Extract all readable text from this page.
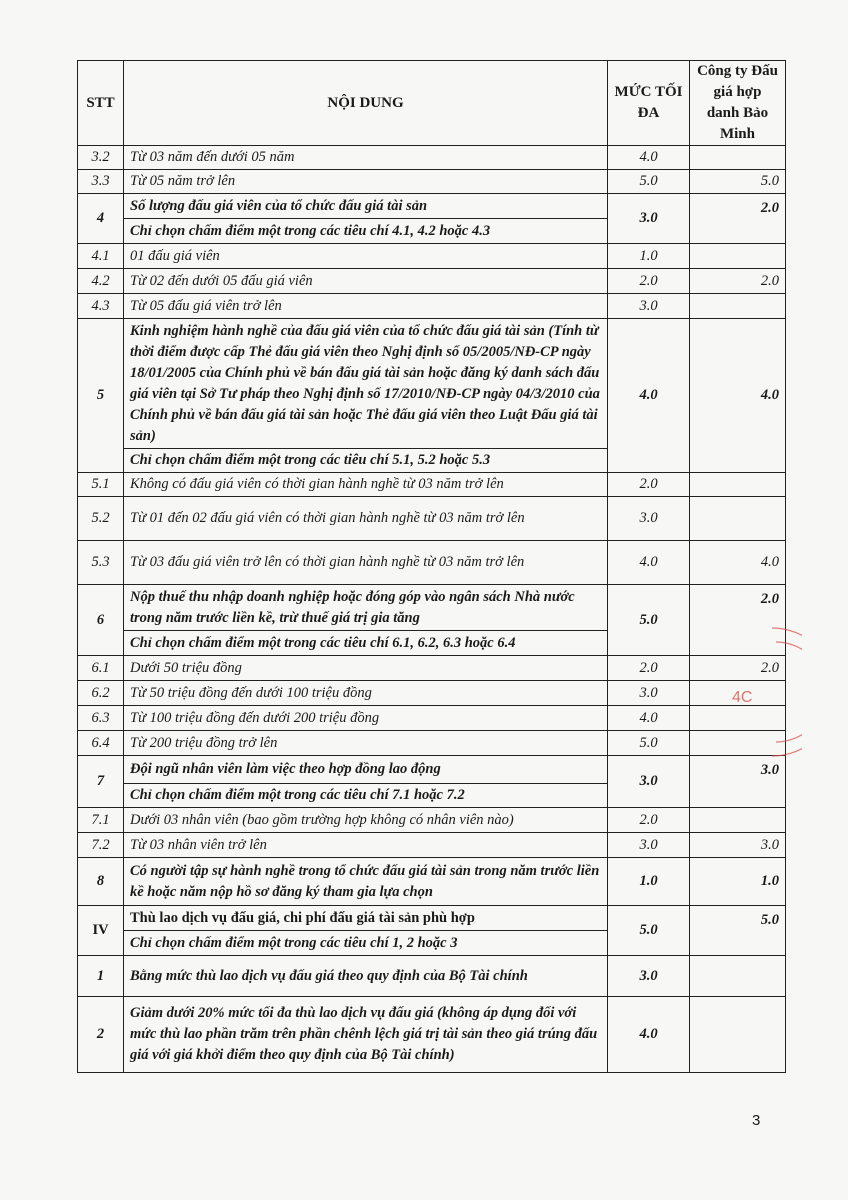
STT	NỘI DUNG	MỨC TỐI ĐA	Công ty Đấu giá hợp danh Bảo Minh
3.2	Từ 03 năm đến dưới 05 năm	4.0	
3.3	Từ 05 năm trở lên	5.0	5.0
4	Số lượng đấu giá viên của tổ chức đấu giá tài sản	3.0	2.0
	Chỉ chọn chấm điểm một trong các tiêu chí 4.1, 4.2 hoặc 4.3		
4.1	01 đấu giá viên	1.0	
4.2	Từ 02 đến dưới 05 đấu giá viên	2.0	2.0
4.3	Từ 05 đấu giá viên trở lên	3.0	
5	Kinh nghiệm hành nghề của đấu giá viên của tổ chức đấu giá tài sản (Tính từ thời điểm được cấp Thẻ đấu giá viên theo Nghị định số 05/2005/NĐ-CP ngày 18/01/2005 của Chính phủ về bán đấu giá tài sản hoặc đăng ký danh sách đấu giá viên tại Sở Tư pháp theo Nghị định số 17/2010/NĐ-CP ngày 04/3/2010 của Chính phủ về bán đấu giá tài sản hoặc Thẻ đấu giá viên theo Luật Đấu giá tài sản)	4.0	4.0
	Chỉ chọn chấm điểm một trong các tiêu chí 5.1, 5.2 hoặc 5.3		
5.1	Không có đấu giá viên có thời gian hành nghề từ 03 năm trở lên	2.0	
5.2	Từ 01 đến 02 đấu giá viên có thời gian hành nghề từ 03 năm trở lên	3.0	
5.3	Từ 03 đấu giá viên trở lên có thời gian hành nghề từ 03 năm trở lên	4.0	4.0
6	Nộp thuế thu nhập doanh nghiệp hoặc đóng góp vào ngân sách Nhà nước trong năm trước liền kề, trừ thuế giá trị gia tăng	5.0	2.0
	Chỉ chọn chấm điểm một trong các tiêu chí 6.1, 6.2, 6.3 hoặc 6.4		
6.1	Dưới 50 triệu đồng	2.0	2.0
6.2	Từ 50 triệu đồng đến dưới 100 triệu đồng	3.0	
6.3	Từ 100 triệu đồng đến dưới 200 triệu đồng	4.0	
6.4	Từ 200 triệu đồng trở lên	5.0	
7	Đội ngũ nhân viên làm việc theo hợp đồng lao động	3.0	3.0
	Chỉ chọn chấm điểm một trong các tiêu chí 7.1 hoặc 7.2		
7.1	Dưới 03 nhân viên (bao gồm trường hợp không có nhân viên nào)	2.0	
7.2	Từ 03 nhân viên trở lên	3.0	3.0
8	Có người tập sự hành nghề trong tổ chức đấu giá tài sản trong năm trước liền kề hoặc năm nộp hồ sơ đăng ký tham gia lựa chọn	1.0	1.0
IV	Thù lao dịch vụ đấu giá, chi phí đấu giá tài sản phù hợp	5.0	5.0
	Chỉ chọn chấm điểm một trong các tiêu chí 1, 2 hoặc 3		
1	Bằng mức thù lao dịch vụ đấu giá theo quy định của Bộ Tài chính	3.0	
2	Giảm dưới 20% mức tối đa thù lao dịch vụ đấu giá (không áp dụng đối với mức thù lao phần trăm trên phần chênh lệch giá trị tài sản theo giá trúng đấu giá với giá khởi điểm theo quy định của Bộ Tài chính)	4.0	
4C
3
